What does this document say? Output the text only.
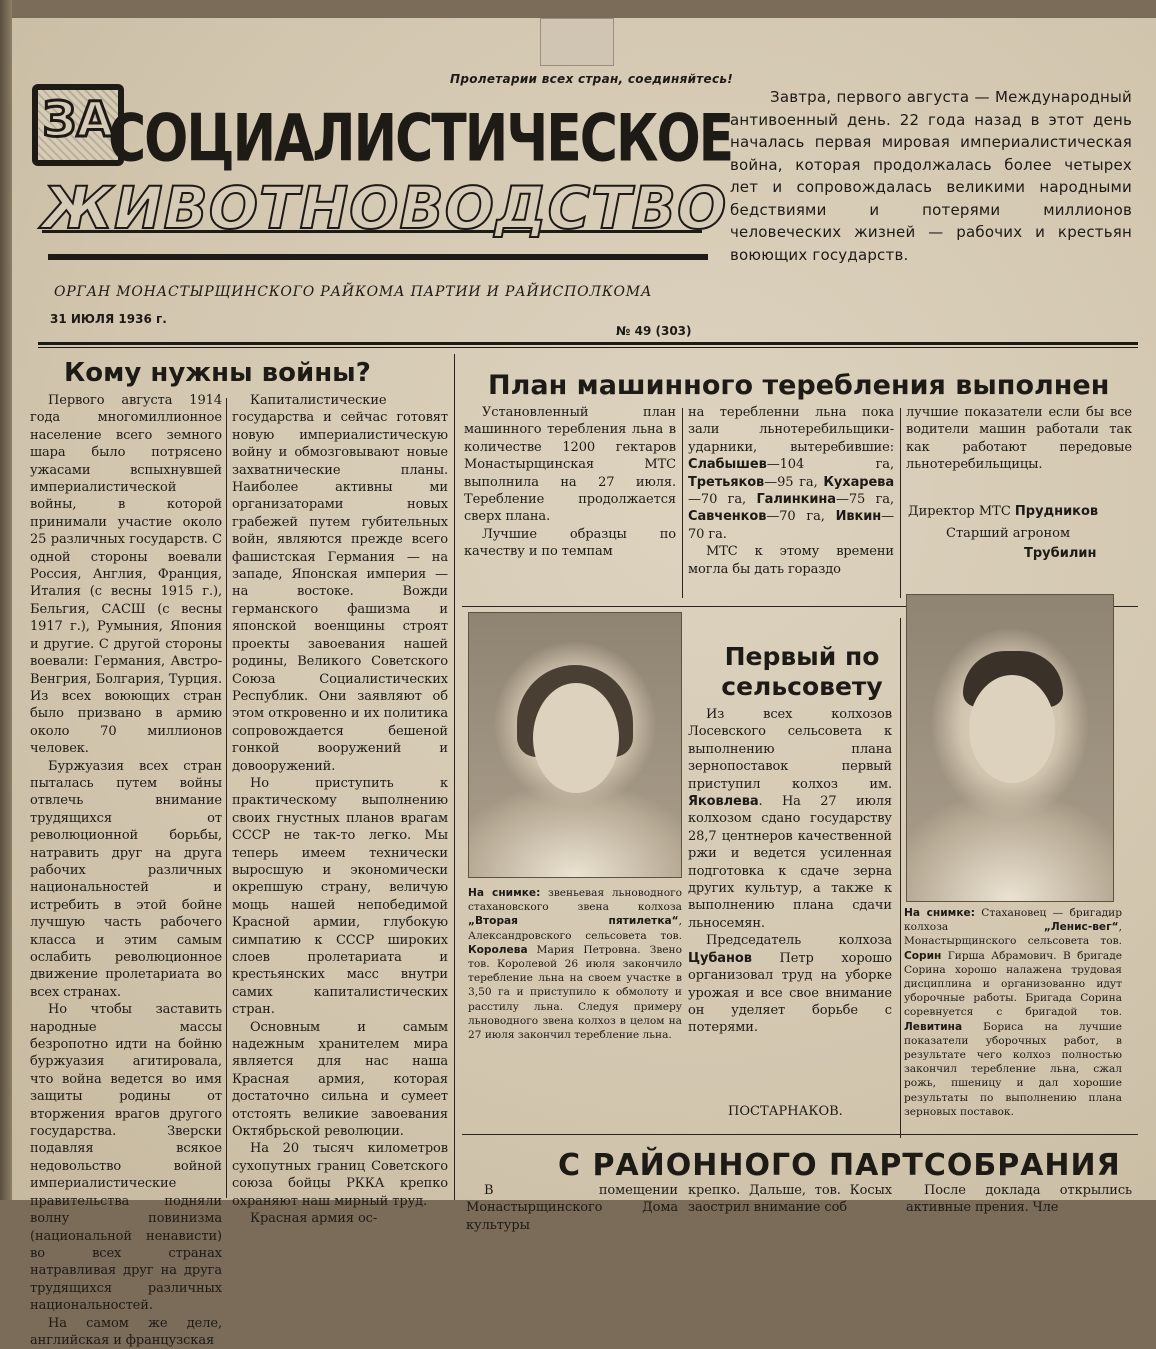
Пролетарии всех стран, соединяйтесь!
ЗА
СОЦИАЛИСТИЧЕСКОЕ
ЖИВОТНОВОДСТВО
ОРГАН МОНАСТЫРЩИНСКОГО РАЙКОМА ПАРТИИ И РАЙИСПОЛКОМА
31 ИЮЛЯ 1936 г.
№ 49 (303)
Завтра, первого августа — Международный антивоенный день. 22 года назад в этот день началась первая мировая империалистическая война, которая продолжалась более четырех лет и сопровождалась великими народными бедствиями и потерями миллионов человеческих жизней — рабочих и крестьян воюющих государств.
Кому нужны войны?

Первого августа 1914 года многомиллионное население всего земного шара было потрясено ужасами вспыхнувшей империалистической войны, в которой принимали участие около 25 различных государств. С одной стороны воевали Россия, Англия, Франция, Италия (с весны 1915 г.), Бельгия, САСШ (с весны 1917 г.), Румыния, Япония и другие. С другой стороны воевали: Германия, Австро-Венгрия, Болгария, Турция. Из всех воюющих стран было призвано в армию около 70 миллионов человек.

Буржуазия всех стран пыталась путем войны отвлечь внимание трудящихся от революционной борьбы, натравить друг на друга рабочих различных национальностей и истребить в этой бойне лучшую часть рабочего класса и этим самым ослабить революционное движение пролетариата во всех странах.

Но чтобы заставить народные массы безропотно идти на бойню буржуазия агитировала, что война ведется во имя защиты родины от вторжения врагов другого государства. Зверски подавляя всякое недовольство войной империалистические правительства подняли волну повинизма (национальной ненависти) во всех странах натравливая друг на друга трудящихся различных национальностей.

На самом же деле, английская и французская

Капиталистические государства и сейчас готовят новую империалистическую войну и обмозговывают новые захватнические планы. Наиболее активны ми организаторами новых грабежей путем губительных войн, являются прежде всего фашистская Германия — на западе, Японская империя — на востоке. Вожди германского фашизма и японской военщины строят проекты завоевания нашей родины, Великого Советского Союза Социалистических Республик. Они заявляют об этом откровенно и их политика сопровождается бешеной гонкой вооружений и довооружений.

Но приступить к практическому выполнению своих гнустных планов врагам СССР не так-то легко. Мы теперь имеем технически выросшую и экономически окрепшую страну, величую мощь нашей непобедимой Красной армии, глубокую симпатию к СССР широких слоев пролетариата и крестьянских масс внутри самих капиталистических стран.

Основным и самым надежным хранителем мира является для нас наша Красная армия, которая достаточно сильна и сумеет отстоять великие завоевания Октябрьской революции.

На 20 тысяч километров сухопутных границ Советского союза бойцы РККА крепко охраняют наш мирный труд.

Красная армия ос-

План машинного теребления выполнен

Установленный план машинного теребления льна в количестве 1200 гектаров Монастырщинская МТС выполнила на 27 июля. Теребление продолжается сверх плана.

Лучшие образцы по качеству и по темпам

на теребленни льна пока зали льнотеребильщики-ударники, вытеребившие: Слабышев—104 га, Третьяков—95 га, Кухарева—70 га, Галинкина—75 га, Савченков—70 га, Ивкин—70 га.

МТС к этому времени могла бы дать гораздо

лучшие показатели если бы все водители машин работали так как работают передовые льнотеребильщицы.

Директор МТС Прудников
Старший агроном
Трубилин
На снимке: звеньевая льноводного стахановского звена колхоза „Вторая пятилетка“, Александровского сельсовета тов. Королева Мария Петровна. Звено тов. Королевой 26 июля закончило теребление льна на своем участке в 3,50 га и приступило к обмолоту и расстилу льна. Следуя примеру льноводного звена колхоз в целом на 27 июля закончил теребление льна.
Первый по сельсовету

Из всех колхозов Лосевского сельсовета к выполнению плана зернопоставок первый приступил колхоз им. Яковлева. На 27 июля колхозом сдано государству 28,7 центнеров качественной ржи и ведется усиленная подготовка к сдаче зерна других культур, а также к выполнению плана сдачи льносемян.

Председатель колхоза Цубанов Петр хорошо организовал труд на уборке урожая и все свое внимание он уделяет борьбе с потерями.

ПОСТАРНАКОВ.
На снимке: Стахановец — бригадир колхоза „Ленис-вег“, Монастырщинского сельсовета тов. Сорин Гирша Абрамович. В бригаде Сорина хорошо налажена трудовая дисциплина и организованно идут уборочные работы. Бригада Сорина соревнуется с бригадой тов. Левитина Бориса на лучшие показатели уборочных работ, в результате чего колхоз полностью закончил теребление льна, сжал рожь, пшеницу и дал хорошие результаты по выполнению плана зерновых поставок.
С РАЙОННОГО ПАРТСОБРАНИЯ

В помещении Монастырщинского Дома культуры

крепко. Дальше, тов. Косых заострил внимание соб

После доклада открылись активные прения. Чле
